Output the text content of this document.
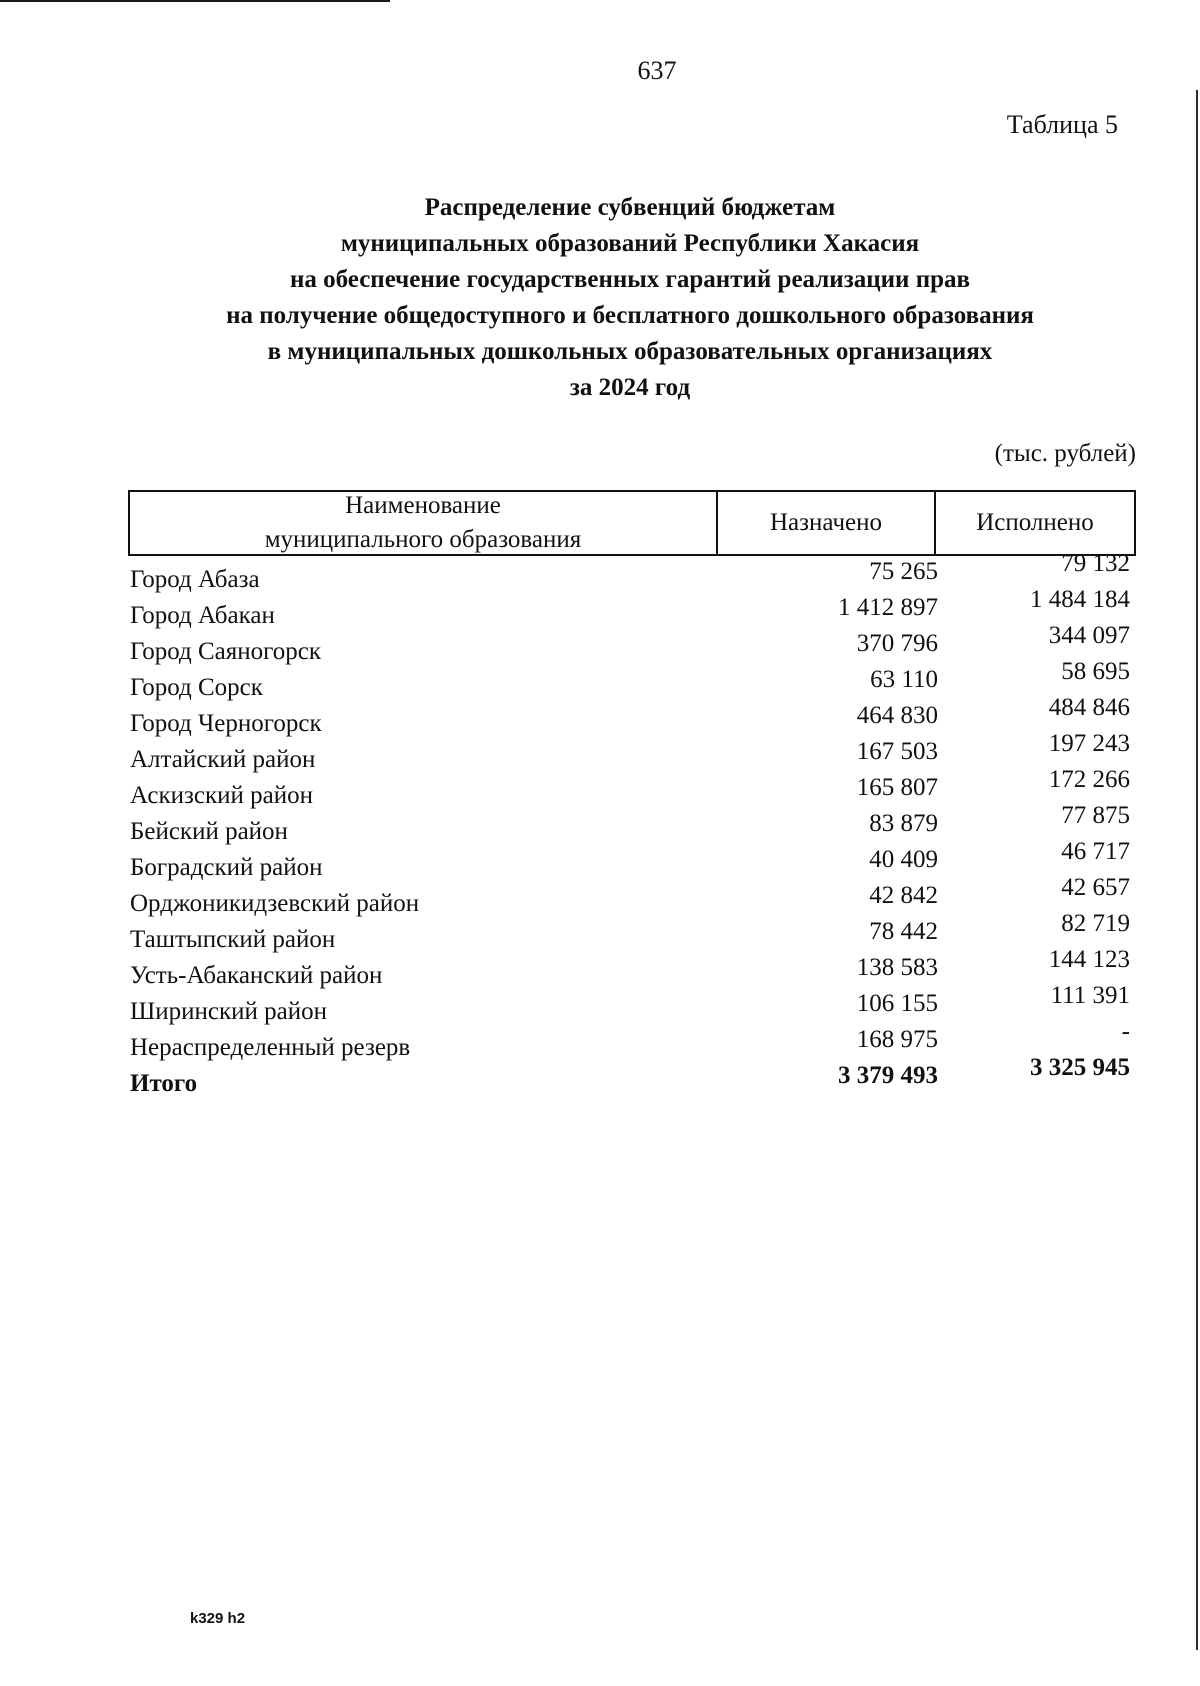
637
Таблица 5
Распределение субвенций бюджетам
муниципальных образований Республики Хакасия
на обеспечение государственных гарантий реализации прав
на получение общедоступного и бесплатного дошкольного образования
в муниципальных дошкольных образовательных организациях
за 2024 год
(тыс. рублей)
Наименование
муниципального образования
Назначено	Исполнено
Город Абаза	75 265	79 132
Город Абакан	1 412 897	1 484 184
Город Саяногорск	370 796	344 097
Город Сорск	63 110	58 695
Город Черногорск	464 830	484 846
Алтайский район	167 503	197 243
Аскизский район	165 807	172 266
Бейский район	83 879	77 875
Боградский район	40 409	46 717
Орджоникидзевский район	42 842	42 657
Таштыпский район	78 442	82 719
Усть-Абаканский район	138 583	144 123
Ширинский район	106 155	111 391
Нераспределенный резерв	168 975	-
Итого	3 379 493	3 325 945
k329 h2
